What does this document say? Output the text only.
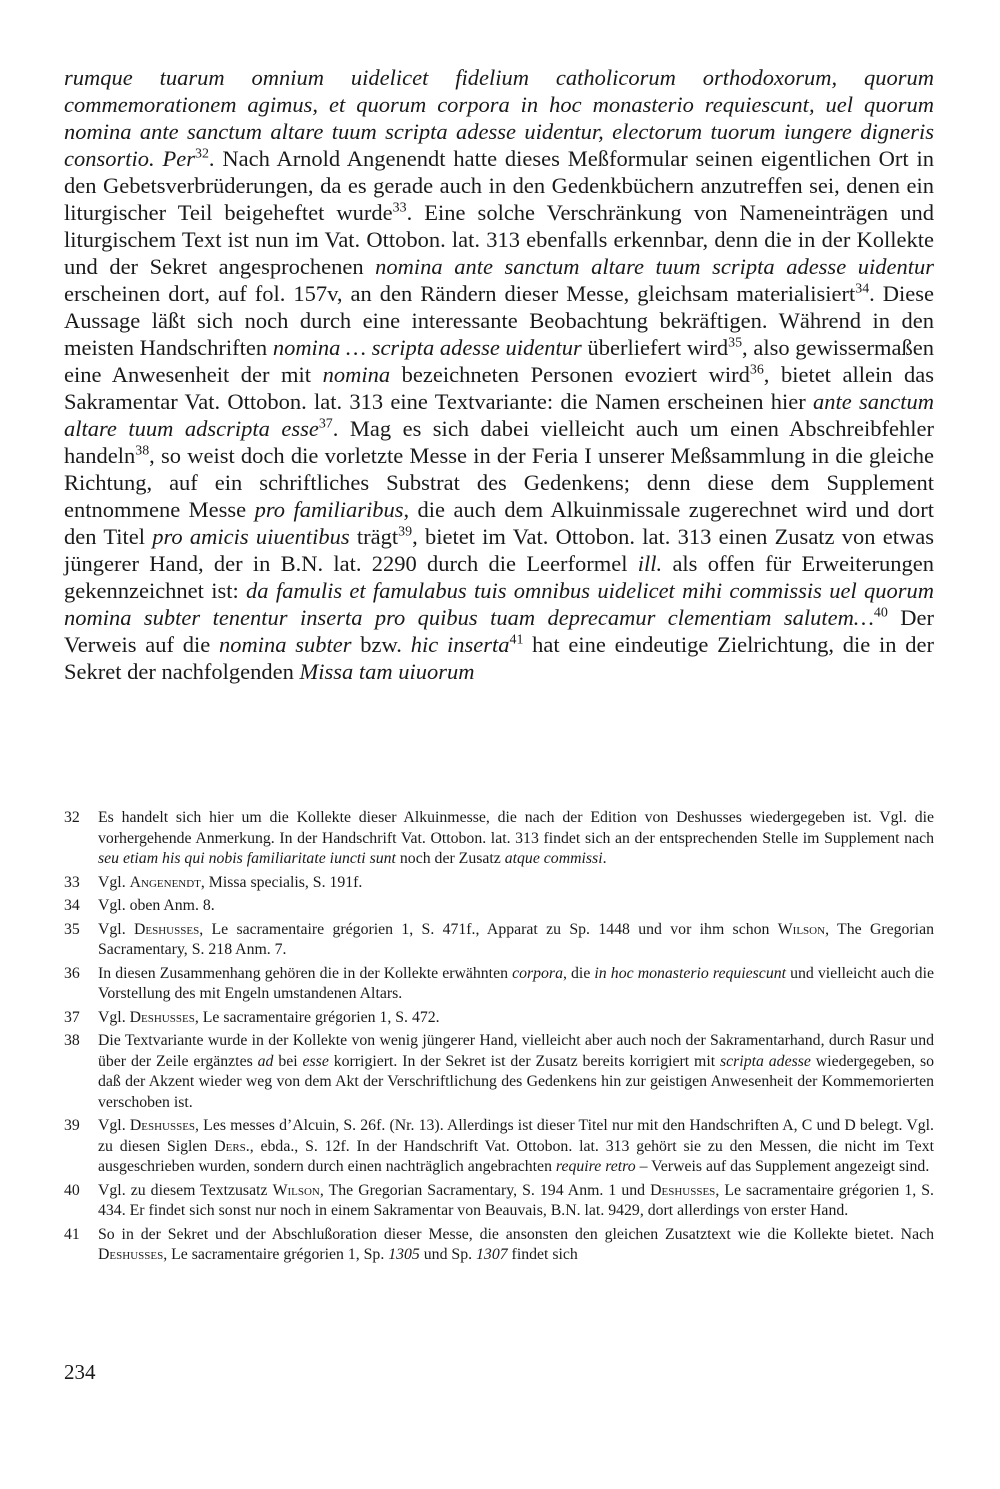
rumque tuarum omnium uidelicet fidelium catholicorum orthodoxorum, quorum commemorationem agimus, et quorum corpora in hoc monasterio requiescunt, uel quorum nomina ante sanctum altare tuum scripta adesse uidentur, electorum tuorum iungere digneris consortio. Per$^{32}$. Nach Arnold Angenendt hatte dieses Meßformular seinen eigentlichen Ort in den Gebetsverbrüderungen, da es gerade auch in den Gedenkbüchern anzutreffen sei, denen ein liturgischer Teil beigeheftet wurde$^{33}$. Eine solche Verschränkung von Nameneinträgen und liturgischem Text ist nun im Vat. Ottobon. lat. 313 ebenfalls erkennbar, denn die in der Kollekte und der Sekret angesprochenen nomina ante sanctum altare tuum scripta adesse uidentur erscheinen dort, auf fol. 157v, an den Rändern dieser Messe, gleichsam materialisiert$^{34}$. Diese Aussage läßt sich noch durch eine interessante Beobachtung bekräftigen. Während in den meisten Handschriften nomina … scripta adesse uidentur überliefert wird$^{35}$, also gewissermaßen eine Anwesenheit der mit nomina bezeichneten Personen evoziert wird$^{36}$, bietet allein das Sakramentar Vat. Ottobon. lat. 313 eine Textvariante: die Namen erscheinen hier ante sanctum altare tuum adscripta esse$^{37}$. Mag es sich dabei vielleicht auch um einen Abschreibfehler handeln$^{38}$, so weist doch die vorletzte Messe in der Feria I unserer Meßsammlung in die gleiche Richtung, auf ein schriftliches Substrat des Gedenkens; denn diese dem Supplement entnommene Messe pro familiaribus, die auch dem Alkuinmissale zugerechnet wird und dort den Titel pro amicis uiuentibus trägt$^{39}$, bietet im Vat. Ottobon. lat. 313 einen Zusatz von etwas jüngerer Hand, der in B.N. lat. 2290 durch die Leerformel ill. als offen für Erweiterungen gekennzeichnet ist: da famulis et famulabus tuis omnibus uidelicet mihi commissis uel quorum nomina subter tenentur inserta pro quibus tuam deprecamur clementiam salutem…$^{40}$ Der Verweis auf die nomina subter bzw. hic inserta$^{41}$ hat eine eindeutige Zielrichtung, die in der Sekret der nachfolgenden Missa tam uiuorum

32	Es handelt sich hier um die Kollekte dieser Alkuinmesse, die nach der Edition von Deshusses wiedergegeben ist. Vgl. die vorhergehende Anmerkung. In der Handschrift Vat. Ottobon. lat. 313 findet sich an der entsprechenden Stelle im Supplement nach seu etiam his qui nobis familiaritate iuncti sunt noch der Zusatz atque commissi.

33	Vgl. Angenendt, Missa specialis, S. 191f.

34	Vgl. oben Anm. 8.

35	Vgl. Deshusses, Le sacramentaire grégorien 1, S. 471f., Apparat zu Sp. 1448 und vor ihm schon Wilson, The Gregorian Sacramentary, S. 218 Anm. 7.

36	In diesen Zusammenhang gehören die in der Kollekte erwähnten corpora, die in hoc monasterio requiescunt und vielleicht auch die Vorstellung des mit Engeln umstandenen Altars.

37	Vgl. Deshusses, Le sacramentaire grégorien 1, S. 472.

38	Die Textvariante wurde in der Kollekte von wenig jüngerer Hand, vielleicht aber auch noch der Sakramentarhand, durch Rasur und über der Zeile ergänztes ad bei esse korrigiert. In der Sekret ist der Zusatz bereits korrigiert mit scripta adesse wiedergegeben, so daß der Akzent wieder weg von dem Akt der Verschriftlichung des Gedenkens hin zur geistigen Anwesenheit der Kommemorierten verschoben ist.

39	Vgl. Deshusses, Les messes d’Alcuin, S. 26f. (Nr. 13). Allerdings ist dieser Titel nur mit den Handschriften A, C und D belegt. Vgl. zu diesen Siglen Ders., ebda., S. 12f. In der Handschrift Vat. Ottobon. lat. 313 gehört sie zu den Messen, die nicht im Text ausgeschrieben wurden, sondern durch einen nachträglich angebrachten require retro – Verweis auf das Supplement angezeigt sind.

40	Vgl. zu diesem Textzusatz Wilson, The Gregorian Sacramentary, S. 194 Anm. 1 und Deshusses, Le sacramentaire grégorien 1, S. 434. Er findet sich sonst nur noch in einem Sakramentar von Beauvais, B.N. lat. 9429, dort allerdings von erster Hand.

41	So in der Sekret und der Abschlußoration dieser Messe, die ansonsten den gleichen Zusatztext wie die Kollekte bietet. Nach Deshusses, Le sacramentaire grégorien 1, Sp. 1305 und Sp. 1307 findet sich

234
